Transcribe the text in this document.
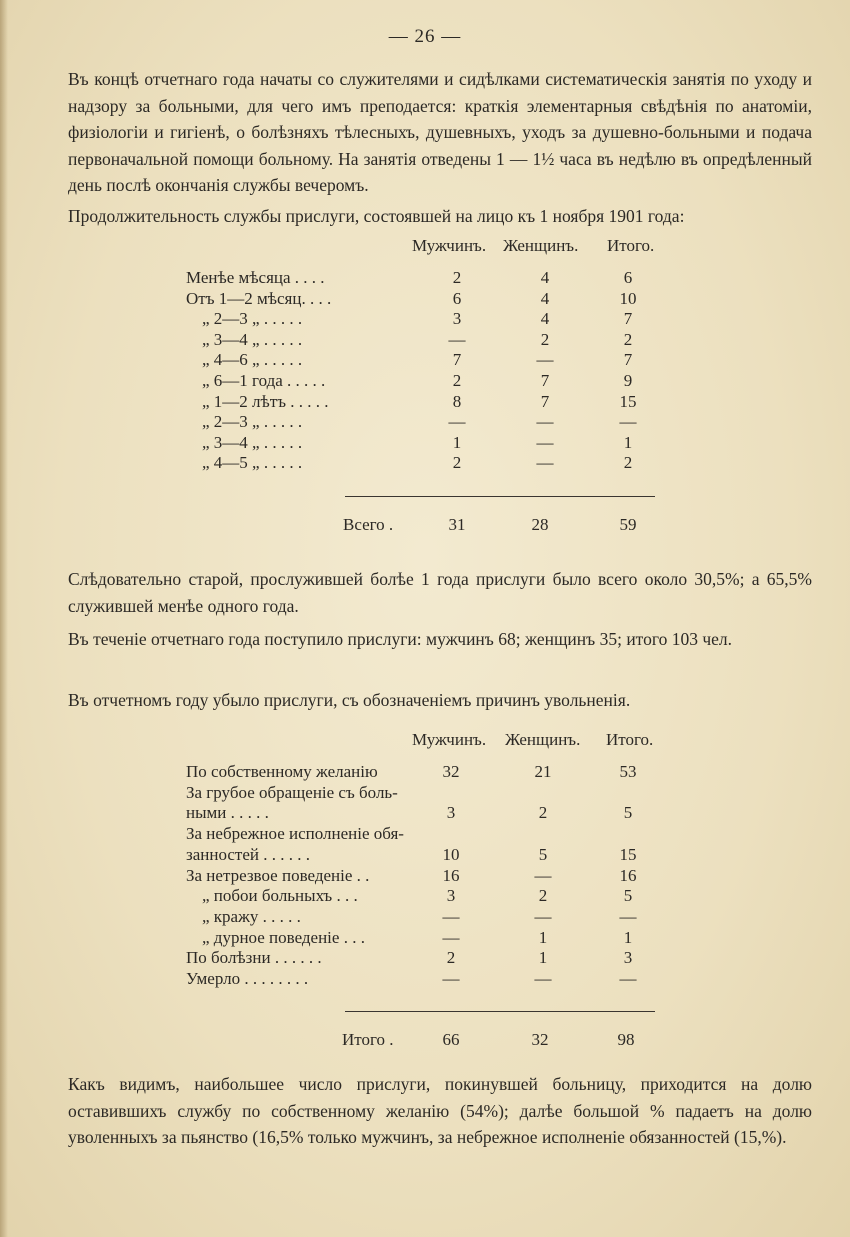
— 26 —
Въ концѣ отчетнаго года начаты со служителями и сидѣлками систематическія занятія по уходу и надзору за больными, для чего имъ преподается: краткія элементарныя свѣдѣнія по анатоміи, физіологіи и гигіенѣ, о болѣзняхъ тѣлесныхъ, душевныхъ, уходъ за душевно-больными и подача первоначальной помощи больному. На занятія отведены 1 — 1½ часа въ недѣлю въ опредѣленный день послѣ окончанія службы вечеромъ.
Продолжительность службы прислуги, состоявшей на лицо къ 1 ноября 1901 года:
Мужчинъ. Женщинъ. Итого.
Менѣе мѣсяца . . . .	2	4	6
Отъ 1—2 мѣсяц. . . .	6	4	10
„ 2—3 „ . . . . .	3	4	7
„ 3—4 „ . . . . .	—	2	2
„ 4—6 „ . . . . .	7	—	7
„ 6—1 года . . . . .	2	7	9
„ 1—2 лѣтъ . . . . .	8	7	15
„ 2—3 „ . . . . .	—	—	—
„ 3—4 „ . . . . .	1	—	1
„ 4—5 „ . . . . .	2	—	2
Всего .	31	28	59
Слѣдовательно старой, прослужившей болѣе 1 года прислуги было всего около 30,5%; а 65,5% служившей менѣе одного года.
Въ теченіе отчетнаго года поступило прислуги: мужчинъ 68; женщинъ 35; итого 103 чел.
Въ отчетномъ году убыло прислуги, съ обозначеніемъ причинъ увольненія.
Мужчинъ. Женщинъ. Итого.
По собственному желанію	32	21	53
За грубое обращеніе съ боль-
ными . . . . .	3	2	5
За небрежное исполненіе обя-
занностей . . . . . .	10	5	15
За нетрезвое поведеніе . .	16	—	16
„ побои больныхъ . . .	3	2	5
„ кражу . . . . .	—	—	—
„ дурное поведеніе . . .	—	1	1
По болѣзни . . . . . .	2	1	3
Умерло . . . . . . . .	—	—	—
Итого .	66	32	98
Какъ видимъ, наибольшее число прислуги, покинувшей больницу, приходится на долю оставившихъ службу по собственному желанію (54%); далѣе большой % падаетъ на долю уволенныхъ за пьянство (16,5% только мужчинъ, за небрежное исполненіе обязанностей (15,%).
